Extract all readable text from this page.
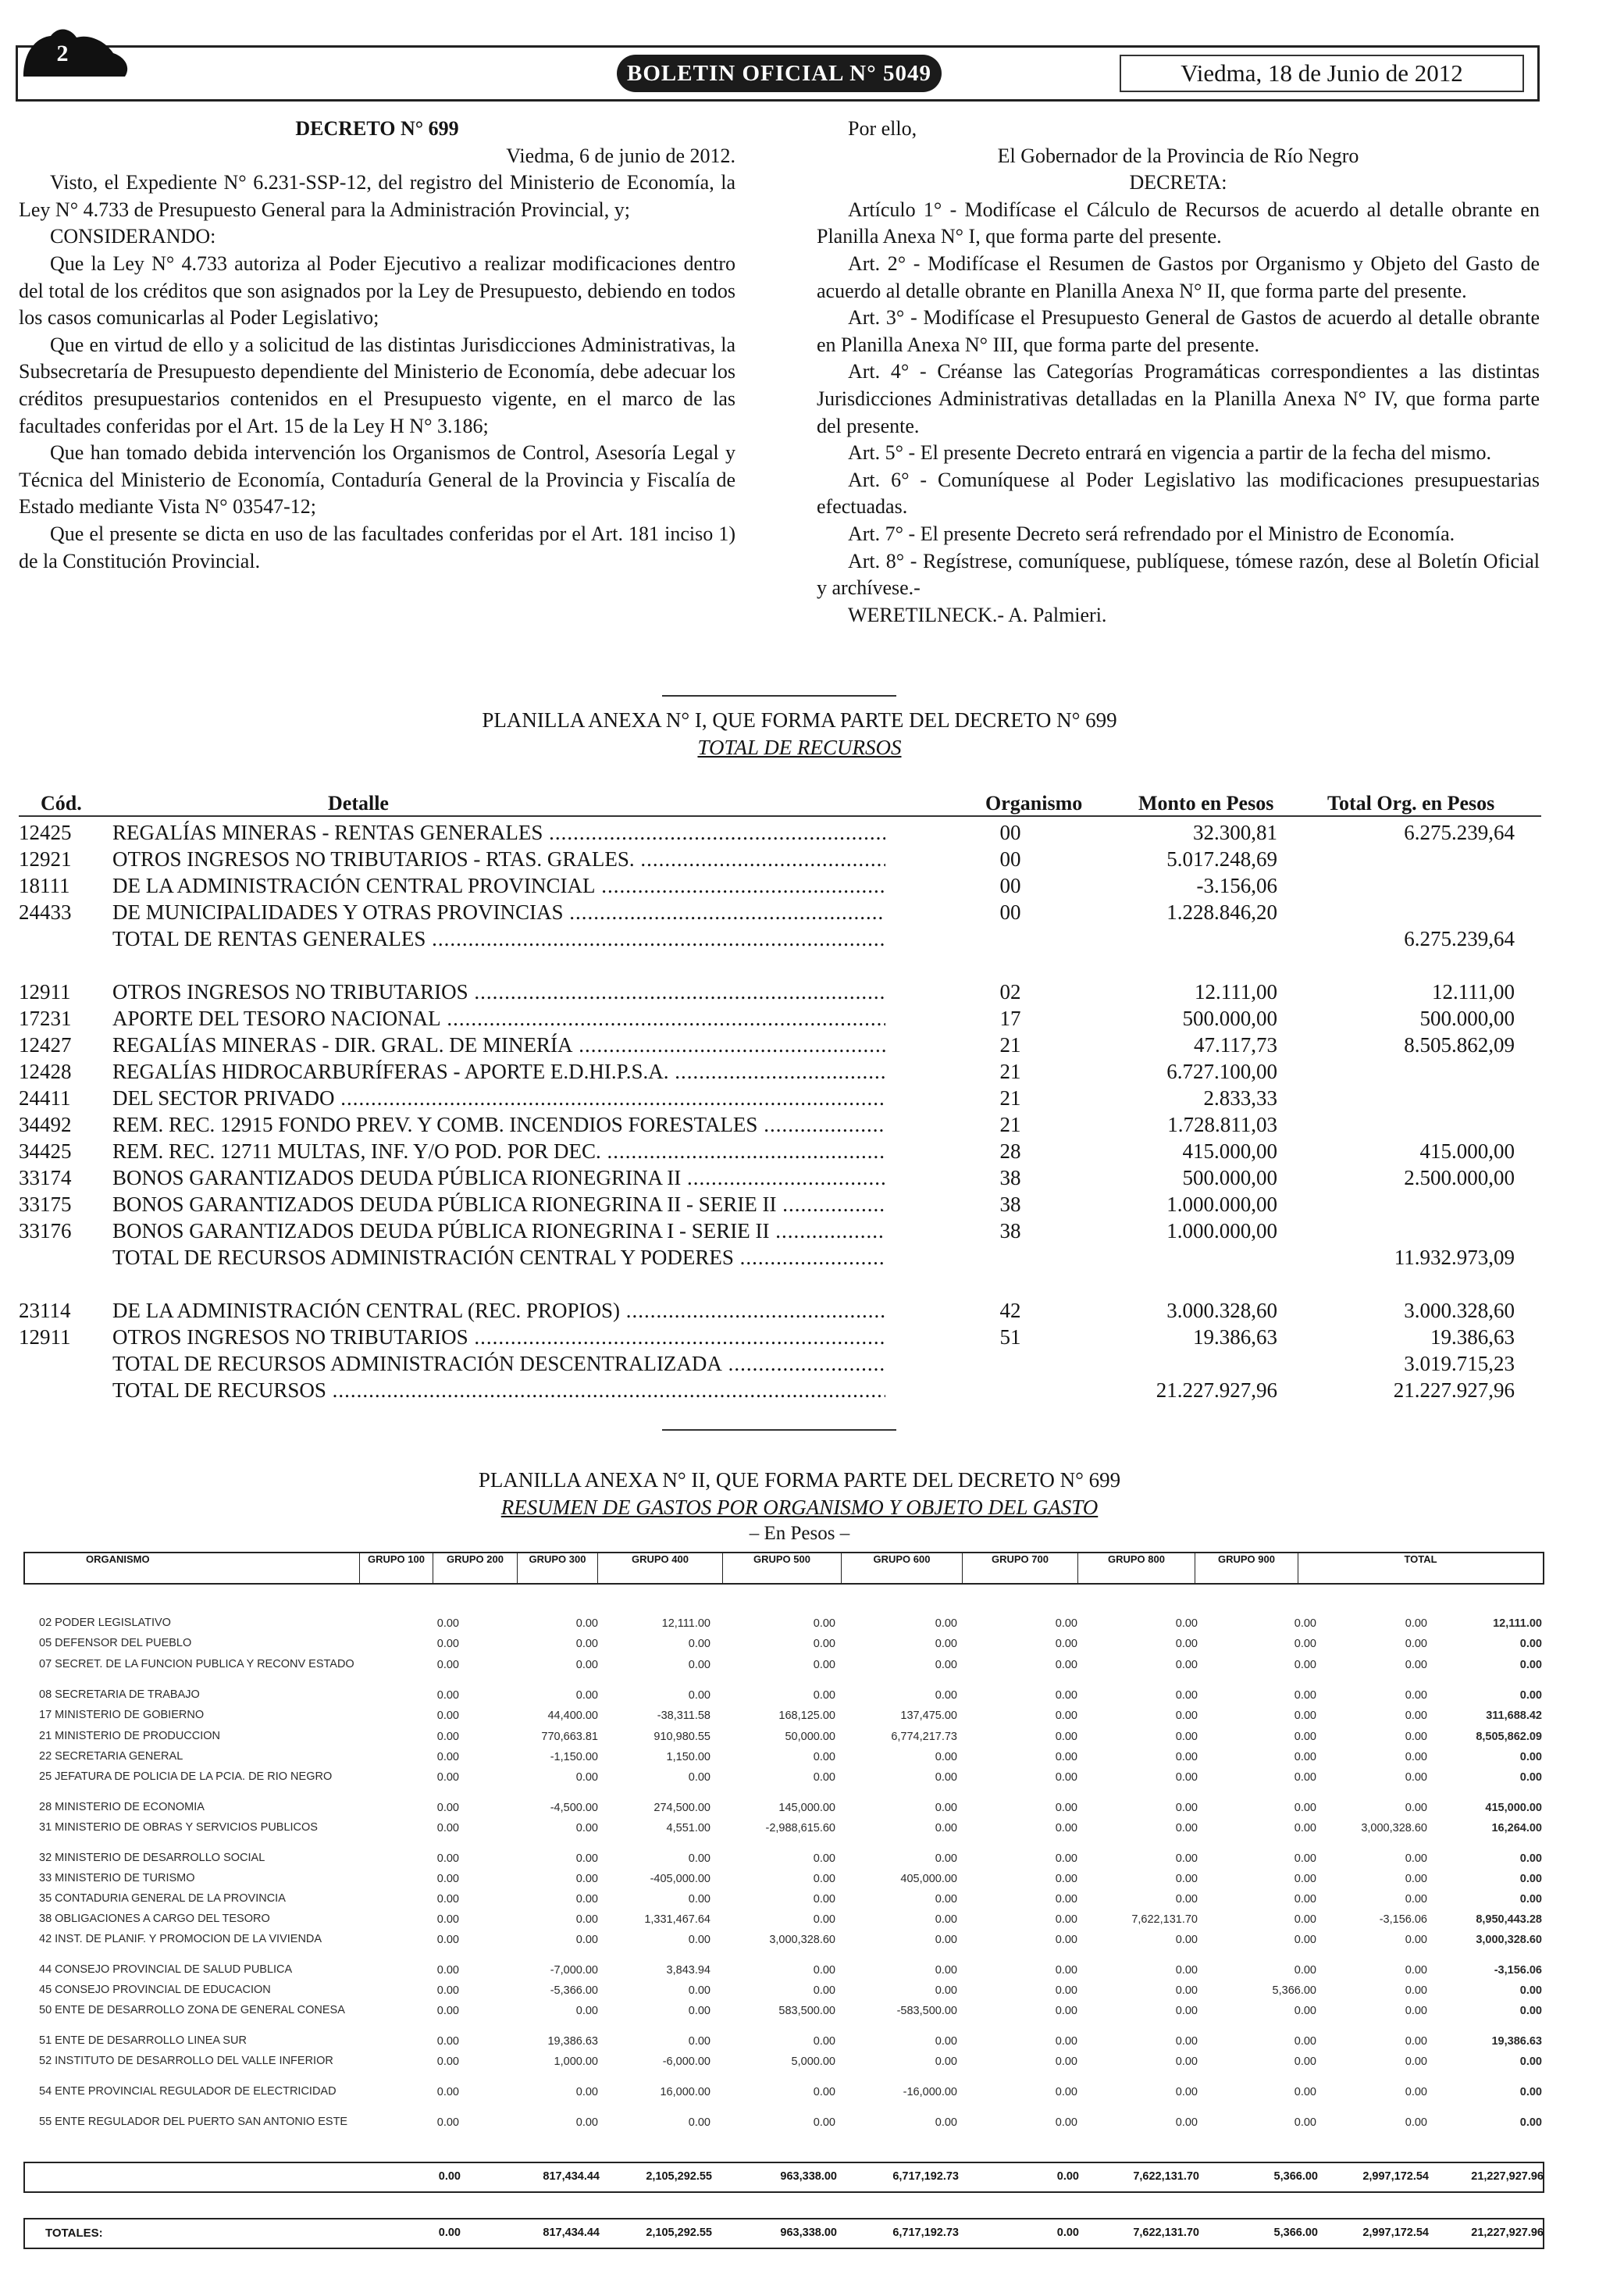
2
BOLETIN OFICIAL N° 5049	Viedma, 18 de Junio de 2012

DECRETO N° 699

Viedma, 6 de junio de 2012.

Visto, el Expediente N° 6.231-SSP-12, del registro del Ministerio de Economía, la Ley N° 4.733 de Presupuesto General para la Administración Provincial, y;

CONSIDERANDO:

Que la Ley N° 4.733 autoriza al Poder Ejecutivo a realizar modificaciones dentro del total de los créditos que son asignados por la Ley de Presupuesto, debiendo en todos los casos comunicarlas al Poder Legislativo;

Que en virtud de ello y a solicitud de las distintas Jurisdicciones Administrativas, la Subsecretaría de Presupuesto dependiente del Ministerio de Economía, debe adecuar los créditos presupuestarios contenidos en el Presupuesto vigente, en el marco de las facultades conferidas por el Art. 15 de la Ley H N° 3.186;

Que han tomado debida intervención los Organismos de Control, Asesoría Legal y Técnica del Ministerio de Economía, Contaduría General de la Provincia y Fiscalía de Estado mediante Vista N° 03547-12;

Que el presente se dicta en uso de las facultades conferidas por el Art. 181 inciso 1) de la Constitución Provincial.

Por ello,

El Gobernador de la Provincia de Río Negro

DECRETA:

Artículo 1° - Modifícase el Cálculo de Recursos de acuerdo al detalle obrante en Planilla Anexa N° I, que forma parte del presente.

Art. 2° - Modifícase el Resumen de Gastos por Organismo y Objeto del Gasto de acuerdo al detalle obrante en Planilla Anexa N° II, que forma parte del presente.

Art. 3° - Modifícase el Presupuesto General de Gastos de acuerdo al detalle obrante en Planilla Anexa N° III, que forma parte del presente.

Art. 4° - Créanse las Categorías Programáticas correspondientes a las distintas Jurisdicciones Administrativas detalladas en la Planilla Anexa N° IV, que forma parte del presente.

Art. 5° - El presente Decreto entrará en vigencia a partir de la fecha del mismo.

Art. 6° - Comuníquese al Poder Legislativo las modificaciones presupuestarias efectuadas.

Art. 7° - El presente Decreto será refrendado por el Ministro de Economía.

Art. 8° - Regístrese, comuníquese, publíquese, tómese razón, dese al Boletín Oficial y archívese.-

WERETILNECK.- A. Palmieri.

PLANILLA ANEXA N° I, QUE FORMA PARTE DEL DECRETO N° 699
TOTAL DE RECURSOS
Cód.	Detalle	Organismo	Monto en Pesos	Total Org. en Pesos
12425 REGALÍAS MINERAS - RENTAS GENERALES .....	00	32.300,81	6.275.239,64
12921 OTROS INGRESOS NO TRIBUTARIOS - RTAS. GRALES. .....	00	5.017.248,69
18111 DE LA ADMINISTRACIÓN CENTRAL PROVINCIAL .....	00	-3.156,06
24433 DE MUNICIPALIDADES Y OTRAS PROVINCIAS .....	00	1.228.846,20
TOTAL DE RENTAS GENERALES .....	6.275.239,64
12911 OTROS INGRESOS NO TRIBUTARIOS .....	02	12.111,00	12.111,00
17231 APORTE DEL TESORO NACIONAL .....	17	500.000,00	500.000,00
12427 REGALÍAS MINERAS - DIR. GRAL. DE MINERÍA .....	21	47.117,73	8.505.862,09
12428 REGALÍAS HIDROCARBURÍFERAS - APORTE E.D.HI.P.S.A. .....	21	6.727.100,00
24411 DEL SECTOR PRIVADO .....	21	2.833,33
34492 REM. REC. 12915 FONDO PREV. Y COMB. INCENDIOS FORESTALES .....	21	1.728.811,03
34425 REM. REC. 12711 MULTAS, INF. Y/O POD. POR DEC. .....	28	415.000,00	415.000,00
33174 BONOS GARANTIZADOS DEUDA PÚBLICA RIONEGRINA II .....	38	500.000,00	2.500.000,00
33175 BONOS GARANTIZADOS DEUDA PÚBLICA RIONEGRINA II - SERIE II .....	38	1.000.000,00
33176 BONOS GARANTIZADOS DEUDA PÚBLICA RIONEGRINA I - SERIE II .....	38	1.000.000,00
TOTAL DE RECURSOS ADMINISTRACIÓN CENTRAL Y PODERES .....	11.932.973,09
23114 DE LA ADMINISTRACIÓN CENTRAL (REC. PROPIOS) .....	42	3.000.328,60	3.000.328,60
12911 OTROS INGRESOS NO TRIBUTARIOS .....	51	19.386,63	19.386,63
TOTAL DE RECURSOS ADMINISTRACIÓN DESCENTRALIZADA .....	3.019.715,23
TOTAL DE RECURSOS .....	21.227.927,96	21.227.927,96
PLANILLA ANEXA N° II, QUE FORMA PARTE DEL DECRETO N° 699
RESUMEN DE GASTOS POR ORGANISMO Y OBJETO DEL GASTO
– En Pesos –
ORGANISMO	GRUPO 100	GRUPO 200	GRUPO 300	GRUPO 400	GRUPO 500	GRUPO 600	GRUPO 700	GRUPO 800	GRUPO 900	TOTAL
02 PODER LEGISLATIVO	0.00	0.00	12,111.00	0.00	0.00	0.00	0.00	0.00	0.00	12,111.00
05 DEFENSOR DEL PUEBLO	0.00	0.00	0.00	0.00	0.00	0.00	0.00	0.00	0.00	0.00
07 SECRET. DE LA FUNCION PUBLICA Y RECONV ESTADO	0.00	0.00	0.00	0.00	0.00	0.00	0.00	0.00	0.00	0.00
08 SECRETARIA DE TRABAJO	0.00	0.00	0.00	0.00	0.00	0.00	0.00	0.00	0.00	0.00
17 MINISTERIO DE GOBIERNO	0.00	44,400.00	-38,311.58	168,125.00	137,475.00	0.00	0.00	0.00	0.00	311,688.42
21 MINISTERIO DE PRODUCCION	0.00	770,663.81	910,980.55	50,000.00	6,774,217.73	0.00	0.00	0.00	0.00	8,505,862.09
22 SECRETARIA GENERAL	0.00	-1,150.00	1,150.00	0.00	0.00	0.00	0.00	0.00	0.00	0.00
25 JEFATURA DE POLICIA DE LA PCIA. DE RIO NEGRO	0.00	0.00	0.00	0.00	0.00	0.00	0.00	0.00	0.00	0.00
28 MINISTERIO DE ECONOMIA	0.00	-4,500.00	274,500.00	145,000.00	0.00	0.00	0.00	0.00	0.00	415,000.00
31 MINISTERIO DE OBRAS Y SERVICIOS PUBLICOS	0.00	0.00	4,551.00	-2,988,615.60	0.00	0.00	0.00	0.00	3,000,328.60	16,264.00
32 MINISTERIO DE DESARROLLO SOCIAL	0.00	0.00	0.00	0.00	0.00	0.00	0.00	0.00	0.00	0.00
33 MINISTERIO DE TURISMO	0.00	0.00	-405,000.00	0.00	405,000.00	0.00	0.00	0.00	0.00	0.00
35 CONTADURIA GENERAL DE LA PROVINCIA	0.00	0.00	0.00	0.00	0.00	0.00	0.00	0.00	0.00	0.00
38 OBLIGACIONES A CARGO DEL TESORO	0.00	0.00	1,331,467.64	0.00	0.00	0.00	7,622,131.70	0.00	-3,156.06	8,950,443.28
42 INST. DE PLANIF. Y PROMOCION DE LA VIVIENDA	0.00	0.00	0.00	3,000,328.60	0.00	0.00	0.00	0.00	0.00	3,000,328.60
44 CONSEJO PROVINCIAL DE SALUD PUBLICA	0.00	-7,000.00	3,843.94	0.00	0.00	0.00	0.00	0.00	0.00	-3,156.06
45 CONSEJO PROVINCIAL DE EDUCACION	0.00	-5,366.00	0.00	0.00	0.00	0.00	0.00	5,366.00	0.00	0.00
50 ENTE DE DESARROLLO ZONA DE GENERAL CONESA	0.00	0.00	0.00	583,500.00	-583,500.00	0.00	0.00	0.00	0.00	0.00
51 ENTE DE DESARROLLO LINEA SUR	0.00	19,386.63	0.00	0.00	0.00	0.00	0.00	0.00	0.00	19,386.63
52 INSTITUTO DE DESARROLLO DEL VALLE INFERIOR	0.00	1,000.00	-6,000.00	5,000.00	0.00	0.00	0.00	0.00	0.00	0.00
54 ENTE PROVINCIAL REGULADOR DE ELECTRICIDAD	0.00	0.00	16,000.00	0.00	-16,000.00	0.00	0.00	0.00	0.00	0.00
55 ENTE REGULADOR DEL PUERTO SAN ANTONIO ESTE	0.00	0.00	0.00	0.00	0.00	0.00	0.00	0.00	0.00	0.00
0.00	817,434.44	2,105,292.55	963,338.00	6,717,192.73	0.00	7,622,131.70	5,366.00	2,997,172.54	21,227,927.96
TOTALES:	0.00	817,434.44	2,105,292.55	963,338.00	6,717,192.73	0.00	7,622,131.70	5,366.00	2,997,172.54	21,227,927.96
